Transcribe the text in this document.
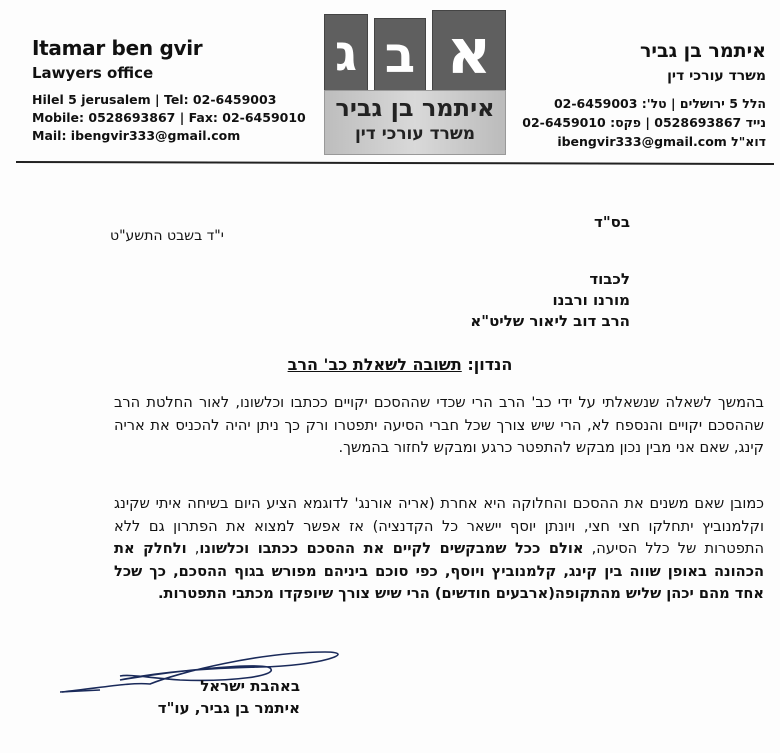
Itamar ben gvir
Lawyers office
Hilel 5 jerusalem | Tel: 02-6459003
Mobile: 0528693867 | Fax: 02-6459010
Mail: ibengvir333@gmail.com
ג ב א
איתמר בן גביר
משרד עורכי דין
איתמר בן גביר
משרד עורכי דין
הלל 5 ירושלים | טל': 02-6459003
נייד 0528693867 | פקס: 02-6459010
דוא"ל ibengvir333@gmail.com
בס"ד
י"ד בשבט התשע"ט
לכבוד
מורנו ורבנו
הרב דוב ליאור שליט"א
הנדון: תשובה לשאלת כב' הרב
בהמשך לשאלה שנשאלתי על ידי כב' הרב הרי שכדי שההסכם יקויים ככתבו וכלשונו, לאור החלטת הרב שההסכם יקויים והנספח לא, הרי שיש צורך שכל חברי הסיעה יתפטרו ורק כך ניתן יהיה להכניס את אריה קינג, שאם אני מבין נכון מבקש להתפטר כרגע ומבקש לחזור בהמשך.
כמובן שאם משנים את ההסכם והחלוקה היא אחרת (אריה אורנג' לדוגמא הציע היום בשיחה איתי שקינג וקלמנוביץ יתחלקו חצי חצי, ויונתן יוסף יישאר כל הקדנציה) אז אפשר למצוא את הפתרון גם ללא התפטרות של כלל הסיעה, אולם ככל שמבקשים לקיים את ההסכם ככתבו וכלשונו, ולחלק את הכהונה באופן שווה בין קינג, קלמנוביץ ויוסף, כפי סוכם ביניהם מפורש בגוף ההסכם, כך שכל אחד מהם יכהן שליש מהתקופה(ארבעים חודשים) הרי שיש צורך שיופקדו מכתבי התפטרות.
באהבת ישראל
איתמר בן גביר, עו"ד
